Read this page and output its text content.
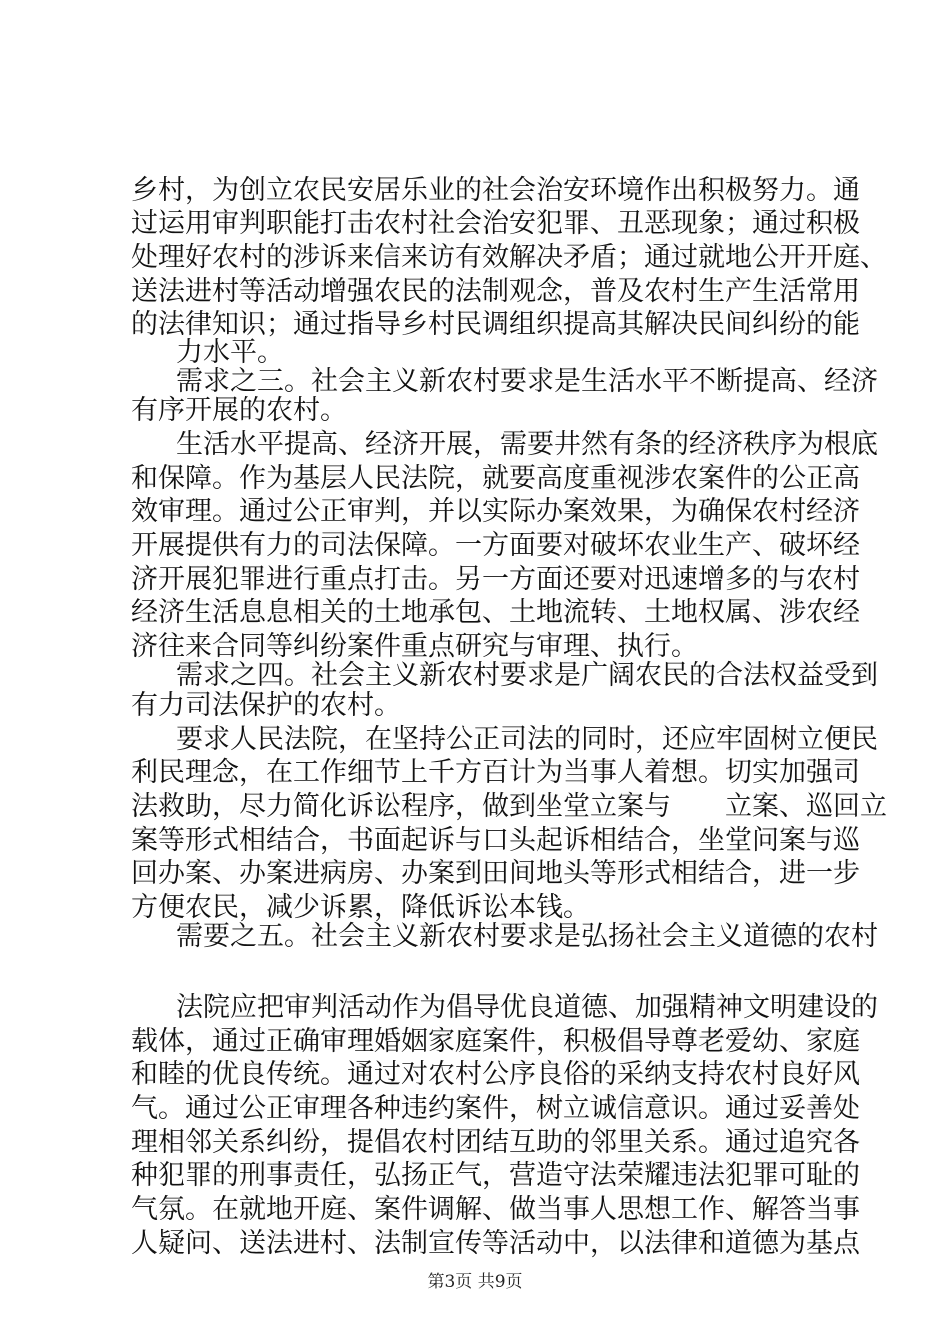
乡村，为创立农民安居乐业的社会治安环境作出积极努力。通
过运用审判职能打击农村社会治安犯罪、丑恶现象；通过积极
处理好农村的涉诉来信来访有效解决矛盾；通过就地公开开庭、
送法进村等活动增强农民的法制观念，普及农村生产生活常用
的法律知识；通过指导乡村民调组织提高其解决民间纠纷的能
力水平。
需求之三。社会主义新农村要求是生活水平不断提高、经济
有序开展的农村。
生活水平提高、经济开展，需要井然有条的经济秩序为根底
和保障。作为基层人民法院，就要高度重视涉农案件的公正高
效审理。通过公正审判，并以实际办案效果，为确保农村经济
开展提供有力的司法保障。一方面要对破坏农业生产、破坏经
济开展犯罪进行重点打击。另一方面还要对迅速增多的与农村
经济生活息息相关的土地承包、土地流转、土地权属、涉农经
济往来合同等纠纷案件重点研究与审理、执行。
需求之四。社会主义新农村要求是广阔农民的合法权益受到
有力司法保护的农村。
要求人民法院，在坚持公正司法的同时，还应牢固树立便民
利民理念，在工作细节上千方百计为当事人着想。切实加强司
法救助，尽力简化诉讼程序，做到坐堂立案与　　立案、巡回立
案等形式相结合，书面起诉与口头起诉相结合，坐堂问案与巡
回办案、办案进病房、办案到田间地头等形式相结合，进一步
方便农民，减少诉累，降低诉讼本钱。
需要之五。社会主义新农村要求是弘扬社会主义道德的农村
法院应把审判活动作为倡导优良道德、加强精神文明建设的
载体，通过正确审理婚姻家庭案件，积极倡导尊老爱幼、家庭
和睦的优良传统。通过对农村公序良俗的采纳支持农村良好风
气。通过公正审理各种违约案件，树立诚信意识。通过妥善处
理相邻关系纠纷，提倡农村团结互助的邻里关系。通过追究各
种犯罪的刑事责任，弘扬正气，营造守法荣耀违法犯罪可耻的
气氛。在就地开庭、案件调解、做当事人思想工作、解答当事
人疑问、送法进村、法制宣传等活动中，以法律和道德为基点
第3页 共9页
